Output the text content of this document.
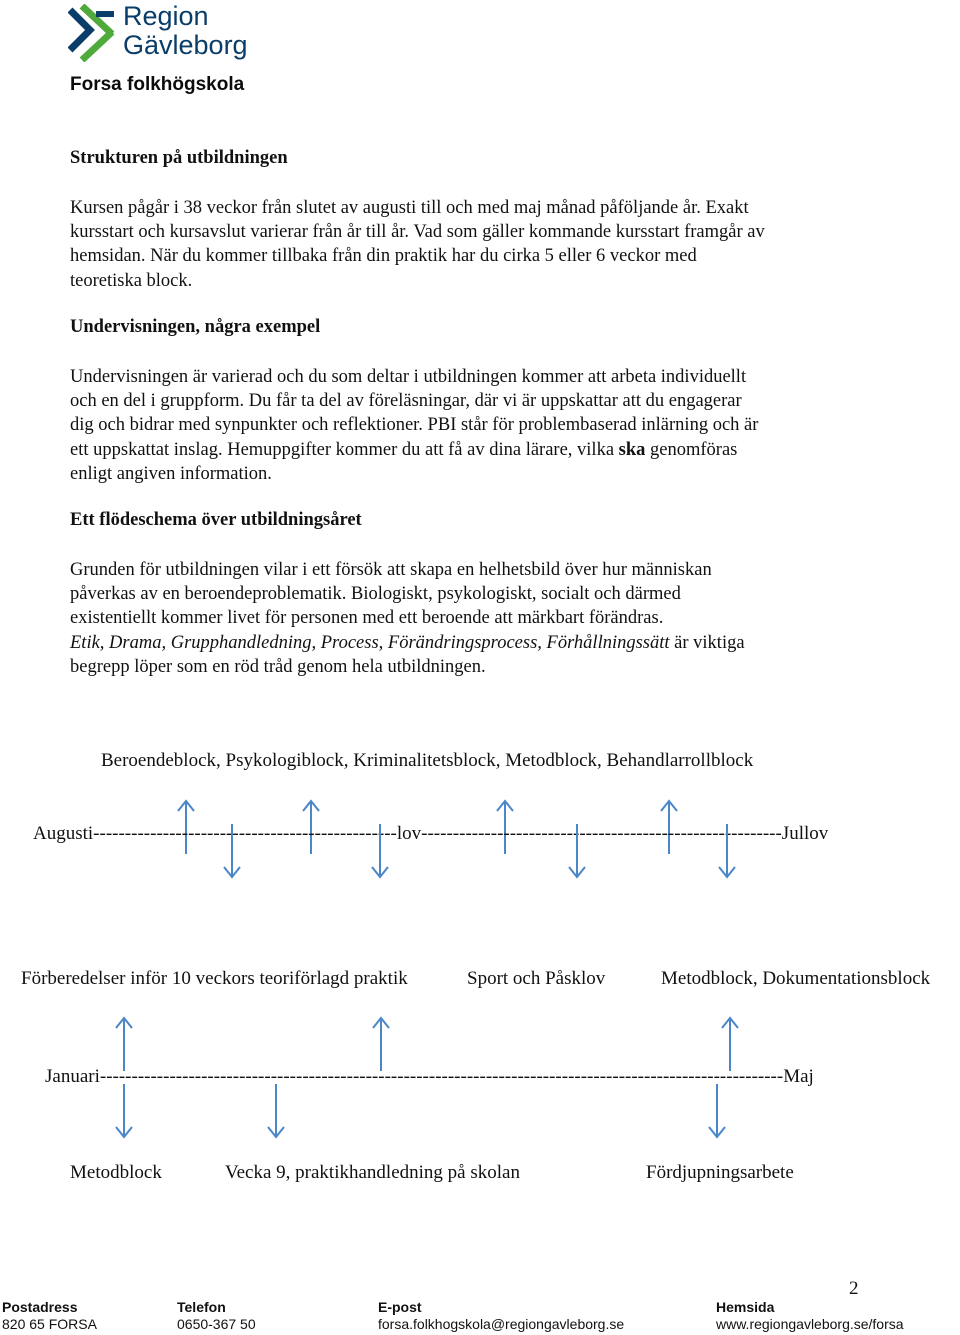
Region
Gävleborg
Forsa folkhögskola
Strukturen på utbildningen

Kursen pågår i 38 veckor från slutet av augusti till och med maj månad påföljande år. Exakt

kursstart och kursavslut varierar från år till år. Vad som gäller kommande kursstart framgår av

hemsidan. När du kommer tillbaka från din praktik har du cirka 5 eller 6 veckor med

teoretiska block.

Undervisningen, några exempel

Undervisningen är varierad och du som deltar i utbildningen kommer att arbeta individuellt

och en del i gruppform. Du får ta del av föreläsningar, där vi är uppskattar att du engagerar

dig och bidrar med synpunkter och reflektioner. PBI står för problembaserad inlärning och är

ett uppskattat inslag. Hemuppgifter kommer du att få av dina lärare, vilka ska genomföras

enligt angiven information.

Ett flödeschema över utbildningsåret

Grunden för utbildningen vilar i ett försök att skapa en helhetsbild över hur människan

påverkas av en beroendeproblematik. Biologiskt, psykologiskt, socialt och därmed

existentiellt kommer livet för personen med ett beroende att märkbart förändras.

Etik, Drama, Grupphandledning, Process, Förändringsprocess, Förhållningssätt är viktiga

begrepp löper som en röd tråd genom hela utbildningen.

Beroendeblock, Psykologiblock, Kriminalitetsblock, Metodblock, Behandlarrollblock
Augusti------------------------------------------------lov---------------------------------------------------------Jullov
Förberedelser inför 10 veckors teoriförlagd praktik	Sport och Påsklov	Metodblock, Dokumentationsblock
Januari------------------------------------------------------------------------------------------------------------Maj
Metodblock	Vecka 9, praktikhandledning på skolan	Fördjupningsarbete
2
Postadress
820 65 FORSA
Telefon
0650-367 50
E-post
forsa.folkhogskola@regiongavleborg.se
Hemsida
www.regiongavleborg.se/forsa
